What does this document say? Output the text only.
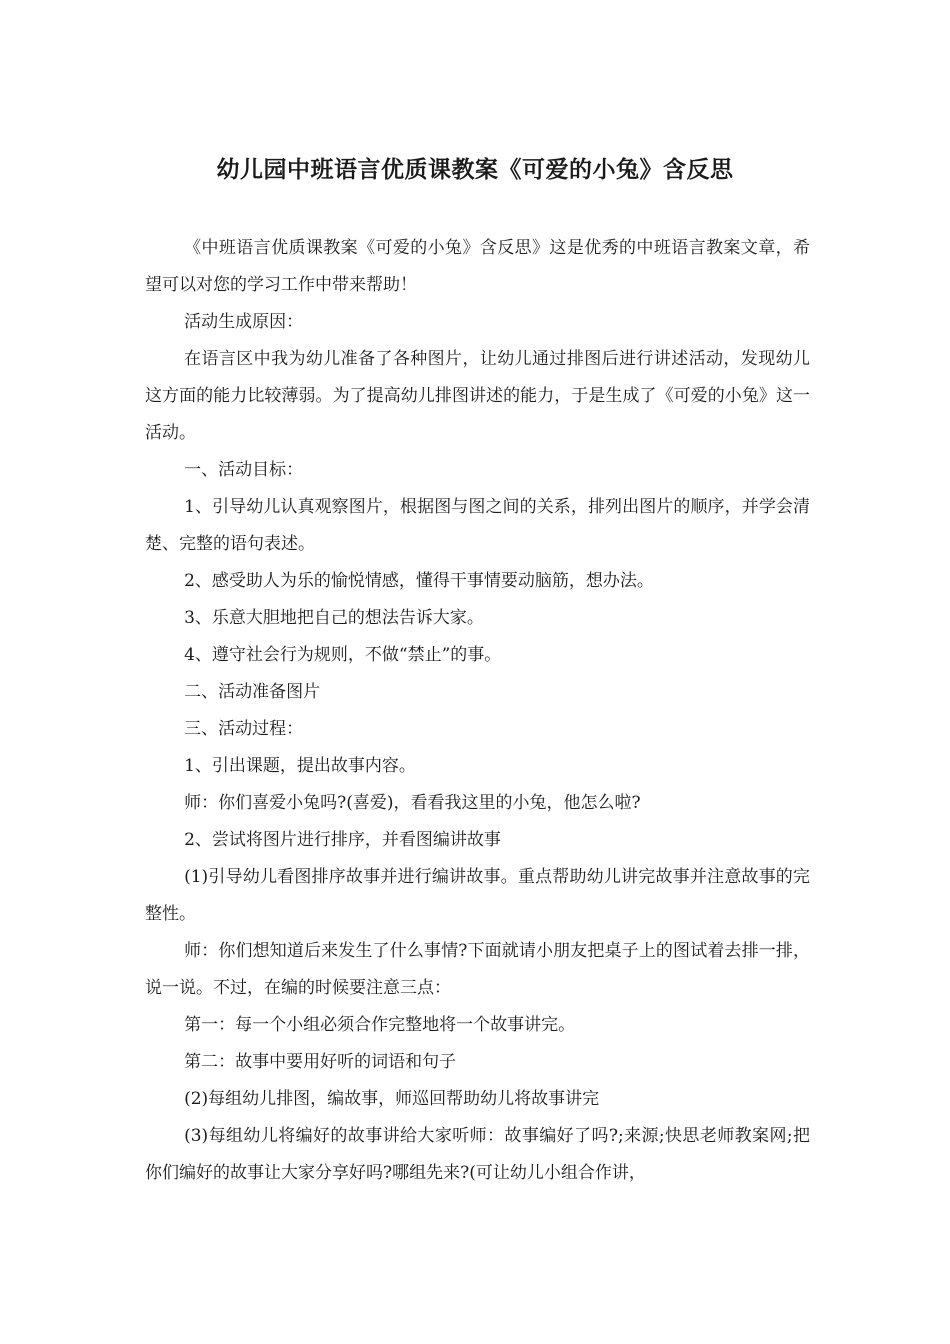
幼儿园中班语言优质课教案《可爱的小兔》含反思

《中班语言优质课教案《可爱的小兔》含反思》这是优秀的中班语言教案文章，希望可以对您的学习工作中带来帮助！

活动生成原因：

在语言区中我为幼儿准备了各种图片，让幼儿通过排图后进行讲述活动，发现幼儿这方面的能力比较薄弱。为了提高幼儿排图讲述的能力，于是生成了《可爱的小兔》这一活动。

一、活动目标：

1、引导幼儿认真观察图片，根据图与图之间的关系，排列出图片的顺序，并学会清楚、完整的语句表述。

2、感受助人为乐的愉悦情感，懂得干事情要动脑筋，想办法。

3、乐意大胆地把自己的想法告诉大家。

4、遵守社会行为规则，不做“禁止”的事。

二、活动准备图片

三、活动过程：

1、引出课题，提出故事内容。

师：你们喜爱小兔吗?(喜爱)，看看我这里的小兔，他怎么啦?

2、尝试将图片进行排序，并看图编讲故事

(1)引导幼儿看图排序故事并进行编讲故事。重点帮助幼儿讲完故事并注意故事的完整性。

师：你们想知道后来发生了什么事情?下面就请小朋友把桌子上的图试着去排一排，说一说。不过，在编的时候要注意三点：

第一：每一个小组必须合作完整地将一个故事讲完。

第二：故事中要用好听的词语和句子

(2)每组幼儿排图，编故事，师巡回帮助幼儿将故事讲完

(3)每组幼儿将编好的故事讲给大家听师：故事编好了吗?;来源;快思老师教案网;把你们编好的故事让大家分享好吗?哪组先来?(可让幼儿小组合作讲，
